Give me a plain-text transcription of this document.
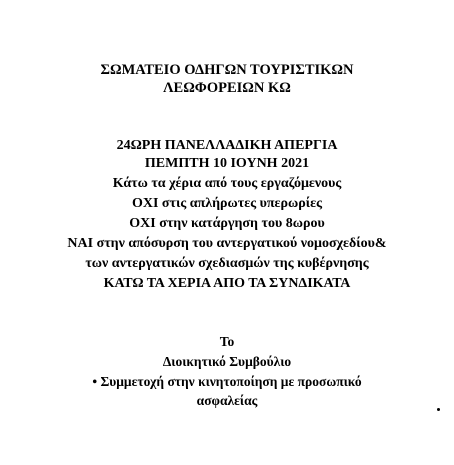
ΣΩΜΑΤΕΙΟ ΟΔΗΓΩΝ ΤΟΥΡΙΣΤΙΚΩΝ
ΛΕΩΦΟΡΕΙΩΝ ΚΩ
24ΩΡΗ ΠΑΝΕΛΛΑΔΙΚΗ ΑΠΕΡΓΙΑ
ΠΕΜΠΤΗ 10 ΙΟΥΝΗ 2021
Κάτω τα χέρια από τους εργαζόμενους
ΟΧΙ στις απλήρωτες υπερωρίες
ΟΧΙ στην κατάργηση του 8ωρου
ΝΑΙ στην απόσυρση του αντεργατικού νομοσχεδίου&
των αντεργατικών σχεδιασμών της κυβέρνησης
ΚΑΤΩ ΤΑ ΧΕΡΙΑ ΑΠΟ ΤΑ ΣΥΝΔΙΚΑΤΑ
Το
Διοικητικό Συμβούλιο
• Συμμετοχή στην κινητοποίηση με προσωπικό
ασφαλείας
